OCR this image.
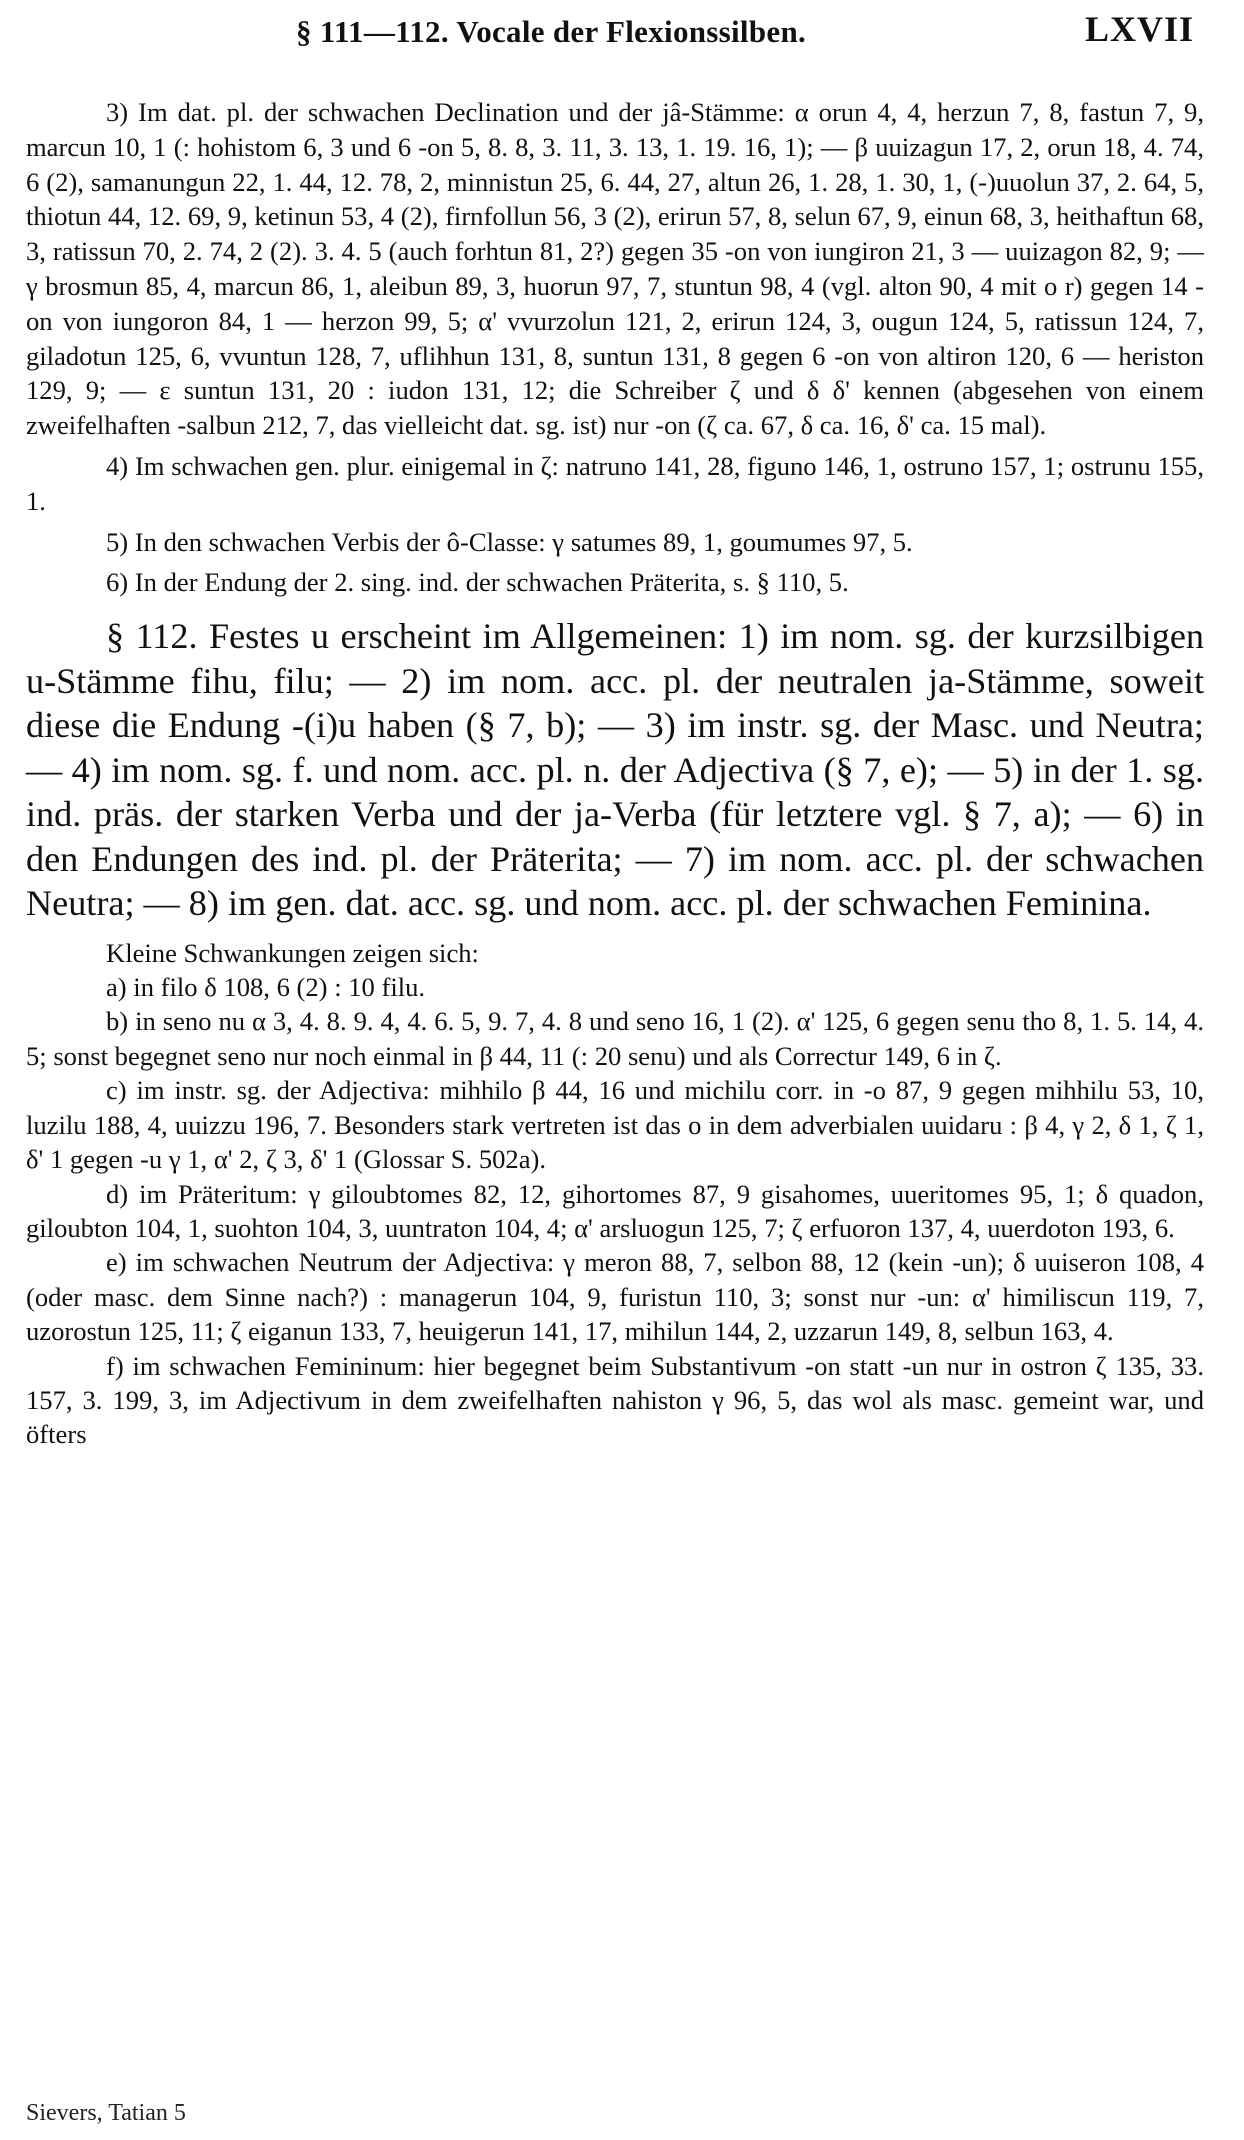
§ 111—112. Vocale der Flexionssilben.	LXVII

3) Im dat. pl. der schwachen Declination und der jâ-Stämme: α orun 4, 4, herzun 7, 8, fastun 7, 9, marcun 10, 1 (: hohistom 6, 3 und 6 -on 5, 8. 8, 3. 11, 3. 13, 1. 19. 16, 1); — β uuizagun 17, 2, orun 18, 4. 74, 6 (2), samanungun 22, 1. 44, 12. 78, 2, minnistun 25, 6. 44, 27, altun 26, 1. 28, 1. 30, 1, (-)uuolun 37, 2. 64, 5, thiotun 44, 12. 69, 9, ketinun 53, 4 (2), firnfollun 56, 3 (2), erirun 57, 8, selun 67, 9, einun 68, 3, heithaftun 68, 3, ratissun 70, 2. 74, 2 (2). 3. 4. 5 (auch forhtun 81, 2?) gegen 35 -on von iungiron 21, 3 — uuizagon 82, 9; — γ brosmun 85, 4, marcun 86, 1, aleibun 89, 3, huorun 97, 7, stuntun 98, 4 (vgl. alton 90, 4 mit o r) gegen 14 -on von iungoron 84, 1 — herzon 99, 5; α' vvurzolun 121, 2, erirun 124, 3, ougun 124, 5, ratissun 124, 7, giladotun 125, 6, vvuntun 128, 7, uflihhun 131, 8, suntun 131, 8 gegen 6 -on von altiron 120, 6 — heriston 129, 9; — ε suntun 131, 20 : iudon 131, 12; die Schreiber ζ und δ δ' kennen (abgesehen von einem zweifelhaften -salbun 212, 7, das vielleicht dat. sg. ist) nur -on (ζ ca. 67, δ ca. 16, δ' ca. 15 mal).

4) Im schwachen gen. plur. einigemal in ζ: natruno 141, 28, figuno 146, 1, ostruno 157, 1; ostrunu 155, 1.

5) In den schwachen Verbis der ô-Classe: γ satumes 89, 1, goumumes 97, 5.

6) In der Endung der 2. sing. ind. der schwachen Präterita, s. § 110, 5.

§ 112. Festes u erscheint im Allgemeinen: 1) im nom. sg. der kurzsilbigen u-Stämme fihu, filu; — 2) im nom. acc. pl. der neutralen ja-Stämme, soweit diese die Endung -(i)u haben (§ 7, b); — 3) im instr. sg. der Masc. und Neutra; — 4) im nom. sg. f. und nom. acc. pl. n. der Adjectiva (§ 7, e); — 5) in der 1. sg. ind. präs. der starken Verba und der ja-Verba (für letztere vgl. § 7, a); — 6) in den Endungen des ind. pl. der Präterita; — 7) im nom. acc. pl. der schwachen Neutra; — 8) im gen. dat. acc. sg. und nom. acc. pl. der schwachen Feminina.

Kleine Schwankungen zeigen sich:

a) in filo δ 108, 6 (2) : 10 filu.

b) in seno nu α 3, 4. 8. 9. 4, 4. 6. 5, 9. 7, 4. 8 und seno 16, 1 (2). α' 125, 6 gegen senu tho 8, 1. 5. 14, 4. 5; sonst begegnet seno nur noch einmal in β 44, 11 (: 20 senu) und als Correctur 149, 6 in ζ.

c) im instr. sg. der Adjectiva: mihhilo β 44, 16 und michilu corr. in -o 87, 9 gegen mihhilu 53, 10, luzilu 188, 4, uuizzu 196, 7. Besonders stark vertreten ist das o in dem adverbialen uuidaru : β 4, γ 2, δ 1, ζ 1, δ' 1 gegen -u γ 1, α' 2, ζ 3, δ' 1 (Glossar S. 502a).

d) im Präteritum: γ giloubtomes 82, 12, gihortomes 87, 9 gisahomes, uueritomes 95, 1; δ quadon, giloubton 104, 1, suohton 104, 3, uuntraton 104, 4; α' arsluogun 125, 7; ζ erfuoron 137, 4, uuerdoton 193, 6.

e) im schwachen Neutrum der Adjectiva: γ meron 88, 7, selbon 88, 12 (kein -un); δ uuiseron 108, 4 (oder masc. dem Sinne nach?) : managerun 104, 9, furistun 110, 3; sonst nur -un: α' himiliscun 119, 7, uzorostun 125, 11; ζ eiganun 133, 7, heuigerun 141, 17, mihilun 144, 2, uzzarun 149, 8, selbun 163, 4.

f) im schwachen Femininum: hier begegnet beim Substantivum -on statt -un nur in ostron ζ 135, 33. 157, 3. 199, 3, im Adjectivum in dem zweifelhaften nahiston γ 96, 5, das wol als masc. gemeint war, und öfters

Sievers, Tatian 5
